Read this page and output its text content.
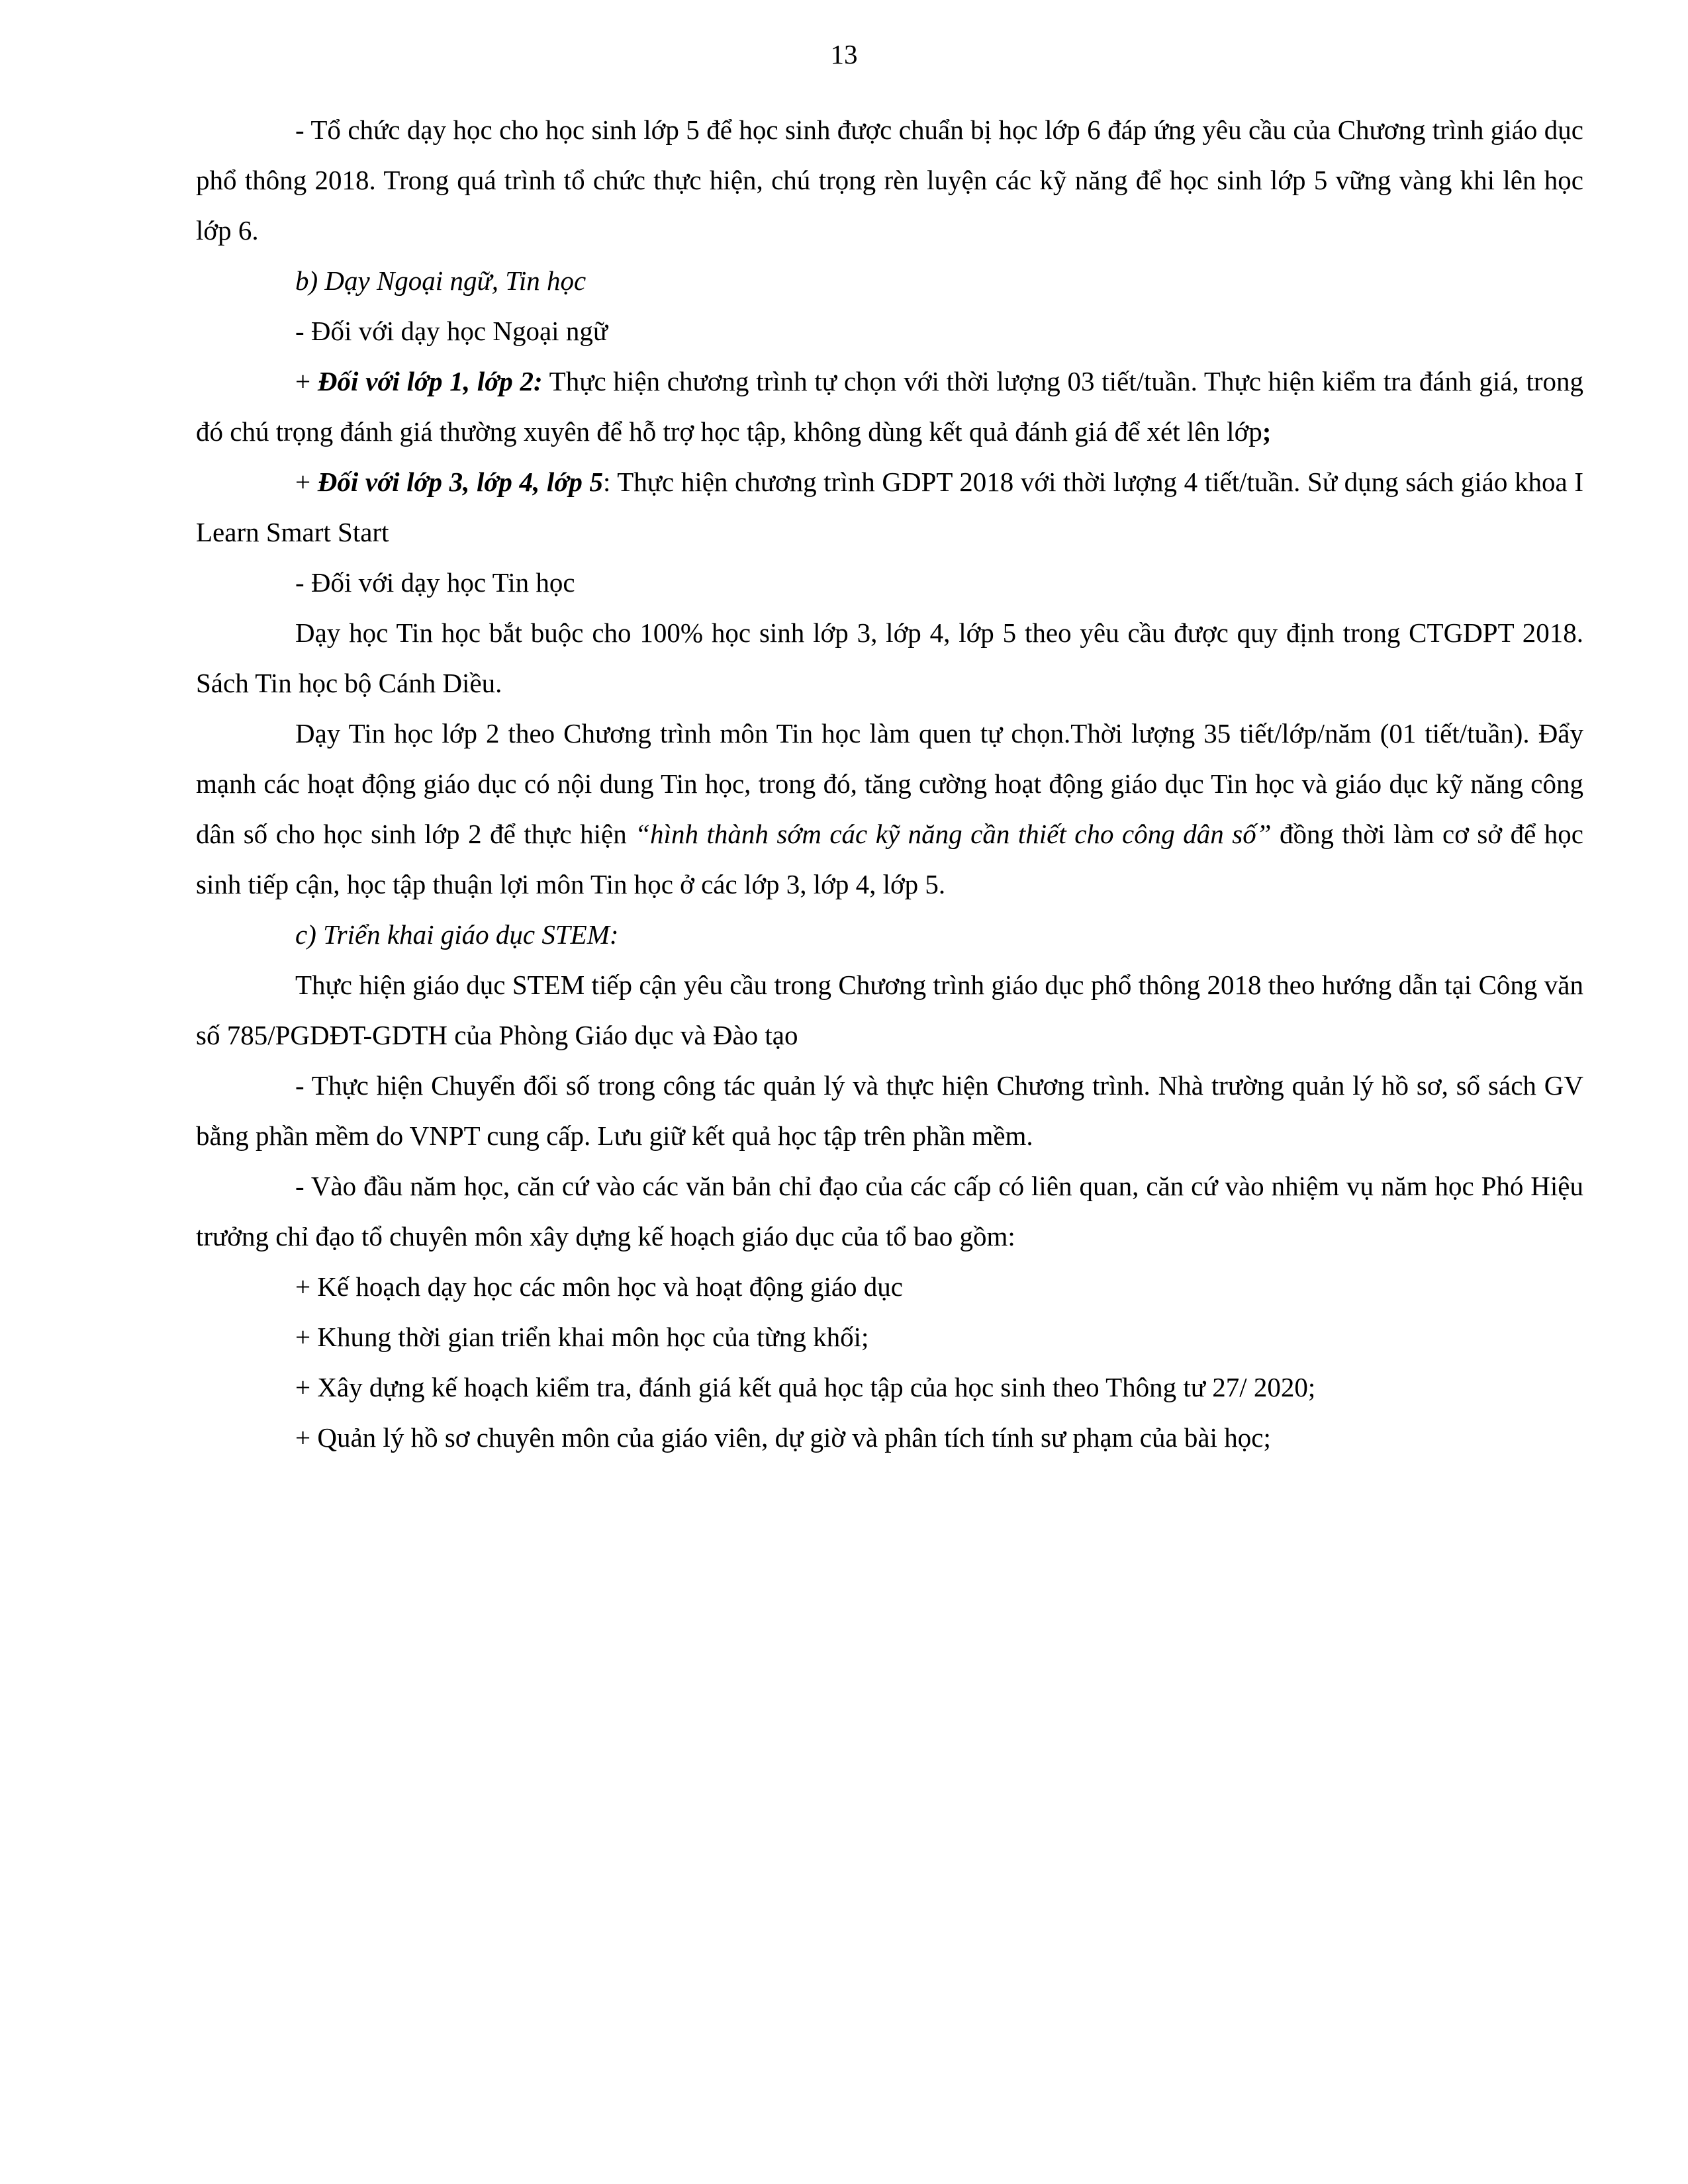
13

- Tổ chức dạy học cho học sinh lớp 5 để học sinh được chuẩn bị học lớp 6 đáp ứng yêu cầu của Chương trình giáo dục phổ thông 2018. Trong quá trình tổ chức thực hiện, chú trọng rèn luyện các kỹ năng để học sinh lớp 5 vững vàng khi lên học lớp 6.

b) Dạy Ngoại ngữ, Tin học

- Đối với dạy học Ngoại ngữ

+ Đối với lớp 1, lớp 2: Thực hiện chương trình tự chọn với thời lượng 03 tiết/tuần. Thực hiện kiểm tra đánh giá, trong đó chú trọng đánh giá thường xuyên để hỗ trợ học tập, không dùng kết quả đánh giá để xét lên lớp;

+ Đối với lớp 3, lớp 4, lớp 5: Thực hiện chương trình GDPT 2018 với thời lượng 4 tiết/tuần. Sử dụng sách giáo khoa I Learn Smart Start

- Đối với dạy học Tin học

Dạy học Tin học bắt buộc cho 100% học sinh lớp 3, lớp 4, lớp 5 theo yêu cầu được quy định trong CTGDPT 2018. Sách Tin học bộ Cánh Diều.

Dạy Tin học lớp 2 theo Chương trình môn Tin học làm quen tự chọn.Thời lượng 35 tiết/lớp/năm (01 tiết/tuần). Đẩy mạnh các hoạt động giáo dục có nội dung Tin học, trong đó, tăng cường hoạt động giáo dục Tin học và giáo dục kỹ năng công dân số cho học sinh lớp 2 để thực hiện “hình thành sớm các kỹ năng cần thiết cho công dân số” đồng thời làm cơ sở để học sinh tiếp cận, học tập thuận lợi môn Tin học ở các lớp 3, lớp 4, lớp 5.

c) Triển khai giáo dục STEM:

Thực hiện giáo dục STEM tiếp cận yêu cầu trong Chương trình giáo dục phổ thông 2018 theo hướng dẫn tại Công văn số 785/PGDĐT-GDTH của Phòng Giáo dục và Đào tạo

- Thực hiện Chuyển đổi số trong công tác quản lý và thực hiện Chương trình. Nhà trường quản lý hồ sơ, sổ sách GV bằng phần mềm do VNPT cung cấp. Lưu giữ kết quả học tập trên phần mềm.

- Vào đầu năm học, căn cứ vào các văn bản chỉ đạo của các cấp có liên quan, căn cứ vào nhiệm vụ năm học Phó Hiệu trưởng chỉ đạo tổ chuyên môn xây dựng kế hoạch giáo dục của tổ bao gồm:

+ Kế hoạch dạy học các môn học và hoạt động giáo dục

+ Khung thời gian triển khai môn học của từng khối;

+ Xây dựng kế hoạch kiểm tra, đánh giá kết quả học tập của học sinh theo Thông tư 27/ 2020;

+ Quản lý hồ sơ chuyên môn của giáo viên, dự giờ và phân tích tính sư phạm của bài học;
